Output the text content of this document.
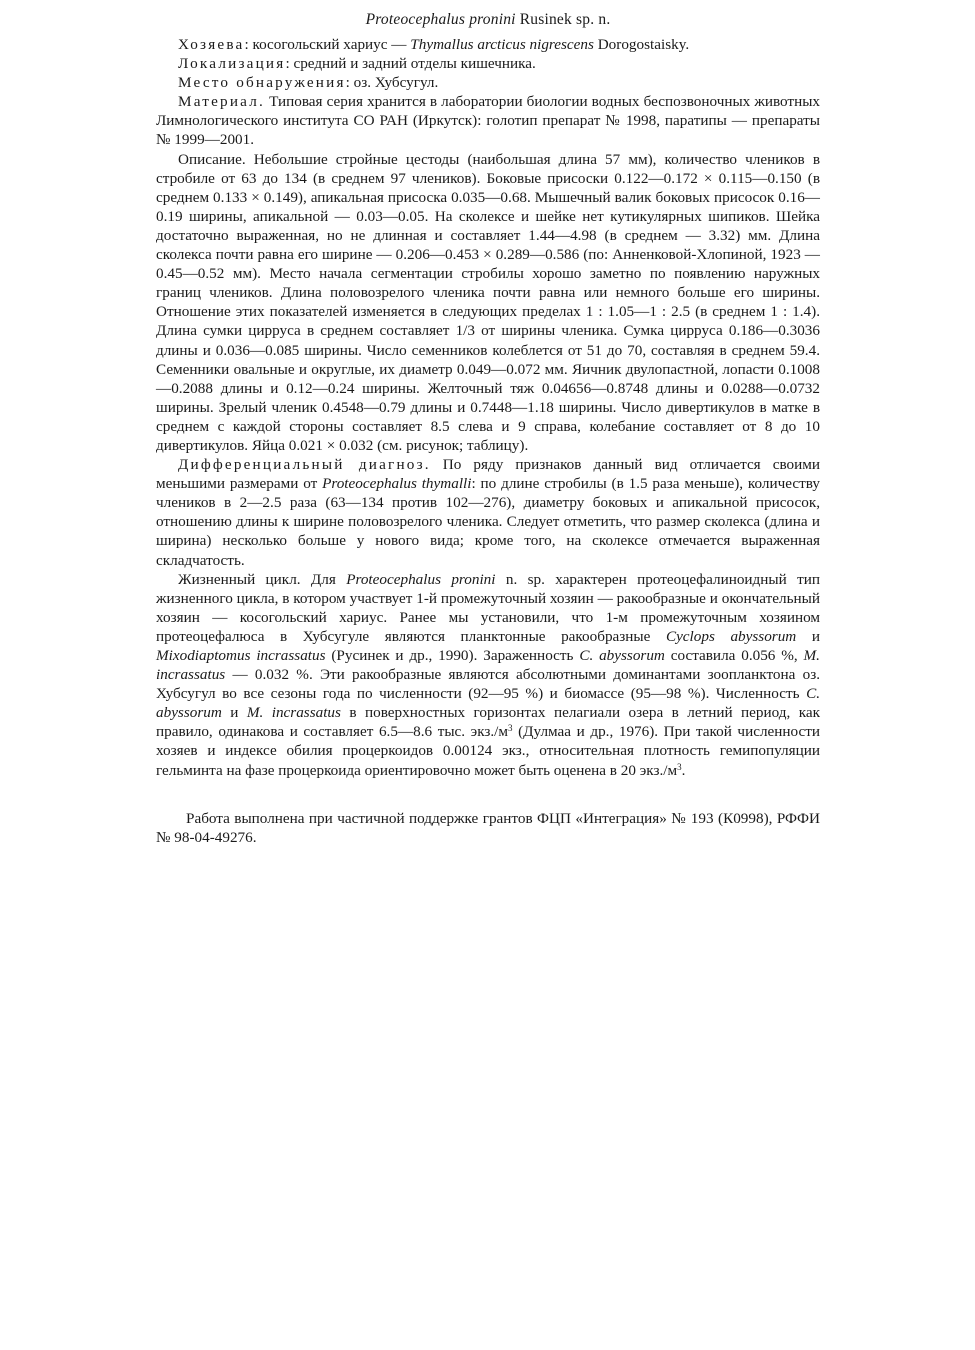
Proteocephalus pronini Rusinek sp. n.

Хозяева: косогольский хариус — Thymallus arcticus nigrescens Dorogostaisky.

Локализация: средний и задний отделы кишечника.

Место обнаружения: оз. Хубсугул.

Материал. Типовая серия хранится в лаборатории биологии водных беспозвоночных животных Лимнологического института СО РАН (Иркутск): голотип препарат № 1998, паратипы — препараты № 1999—2001.

Описание. Небольшие стройные цестоды (наибольшая длина 57 мм), количество члеников в стробиле от 63 до 134 (в среднем 97 члеников). Боковые присоски 0.122—0.172 × 0.115—0.150 (в среднем 0.133 × 0.149), апикальная присоска 0.035—0.68. Мышечный валик боковых присосок 0.16—0.19 ширины, апикальной — 0.03—0.05. На сколексе и шейке нет кутикулярных шипиков. Шейка достаточно выраженная, но не длинная и составляет 1.44—4.98 (в среднем — 3.32) мм. Длина сколекса почти равна его ширине — 0.206—0.453 × 0.289—0.586 (по: Анненковой-Хлопиной, 1923 — 0.45—0.52 мм). Место начала сегментации стробилы хорошо заметно по появлению наружных границ члеников. Длина половозрелого членика почти равна или немного больше его ширины. Отношение этих показателей изменяется в следующих пределах 1 : 1.05—1 : 2.5 (в среднем 1 : 1.4). Длина сумки цирруса в среднем составляет 1/3 от ширины членика. Сумка цирруса 0.186—0.3036 длины и 0.036—0.085 ширины. Число семенников колеблется от 51 до 70, составляя в среднем 59.4. Семенники овальные и округлые, их диаметр 0.049—0.072 мм. Яичник двулопастной, лопасти 0.1008—0.2088 длины и 0.12—0.24 ширины. Желточный тяж 0.04656—0.8748 длины и 0.0288—0.0732 ширины. Зрелый членик 0.4548—0.79 длины и 0.7448—1.18 ширины. Число дивертикулов в матке в среднем с каждой стороны составляет 8.5 слева и 9 справа, колебание составляет от 8 до 10 дивертикулов. Яйца 0.021 × 0.032 (см. рисунок; таблицу).

Дифференциальный диагноз. По ряду признаков данный вид отличается своими меньшими размерами от Proteocephalus thymalli: по длине стробилы (в 1.5 раза меньше), количеству члеников в 2—2.5 раза (63—134 против 102—276), диаметру боковых и апикальной присосок, отношению длины к ширине половозрелого членика. Следует отметить, что размер сколекса (длина и ширина) несколько больше у нового вида; кроме того, на сколексе отмечается выраженная складчатость.

Жизненный цикл. Для Proteocephalus pronini n. sp. характерен протеоцефалиноидный тип жизненного цикла, в котором участвует 1-й промежуточный хозяин — ракообразные и окончательный хозяин — косогольский хариус. Ранее мы установили, что 1-м промежуточным хозяином протеоцефалюса в Хубсугуле являются планктонные ракообразные Cyclops abyssorum и Mixodiaptomus incrassatus (Русинек и др., 1990). Зараженность C. abyssorum составила 0.056 %, M. incrassatus — 0.032 %. Эти ракообразные являются абсолютными доминантами зоопланктона оз. Хубсугул во все сезоны года по численности (92—95 %) и биомассе (95—98 %). Численность C. abyssorum и M. incrassatus в поверхностных горизонтах пелагиали озера в летний период, как правило, одинакова и составляет 6.5—8.6 тыс. $экз./м^3$ (Дулмаа и др., 1976). При такой численности хозяев и индексе обилия процеркоидов 0.00124 экз., относительная плотность гемипопуляции гельминта на фазе процеркоида ориентировочно может быть оценена в 20 $экз./м^3$.

Работа выполнена при частичной поддержке грантов ФЦП «Интеграция» № 193 (К0998), РФФИ № 98-04-49276.
